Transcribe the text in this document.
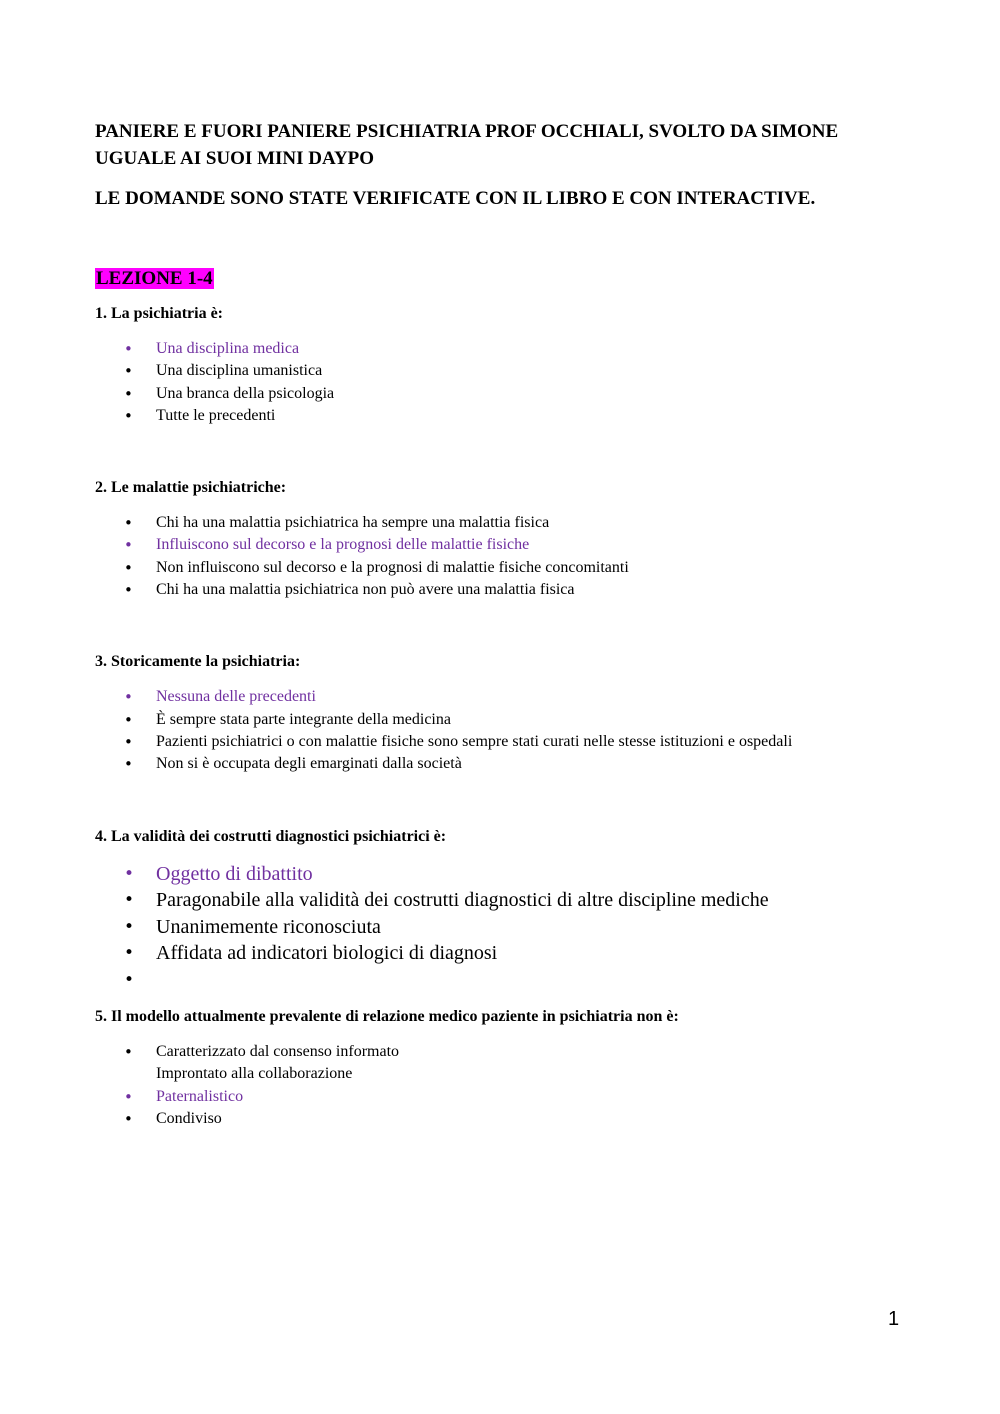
PANIERE E FUORI PANIERE PSICHIATRIA PROF OCCHIALI, SVOLTO DA SIMONE UGUALE AI SUOI MINI DAYPO

LE DOMANDE SONO STATE VERIFICATE CON IL LIBRO E CON INTERACTIVE.

LEZIONE 1-4

1. La psichiatria è:

• Una disciplina medica
• Una disciplina umanistica
• Una branca della psicologia
• Tutte le precedenti

2. Le malattie psichiatriche:

• Chi ha una malattia psichiatrica ha sempre una malattia fisica
• Influiscono sul decorso e la prognosi delle malattie fisiche
• Non influiscono sul decorso e la prognosi di malattie fisiche concomitanti
• Chi ha una malattia psichiatrica non può avere una malattia fisica

3. Storicamente la psichiatria:

• Nessuna delle precedenti
• È sempre stata parte integrante della medicina
• Pazienti psichiatrici o con malattie fisiche sono sempre stati curati nelle stesse istituzioni e ospedali
• Non si è occupata degli emarginati dalla società

4. La validità dei costrutti diagnostici psichiatrici è:

• Oggetto di dibattito
• Paragonabile alla validità dei costrutti diagnostici di altre discipline mediche
• Unanimemente riconosciuta
• Affidata ad indicatori biologici di diagnosi
•

5. Il modello attualmente prevalente di relazione medico paziente in psichiatria non è:

• Caratterizzato dal consenso informato
Improntato alla collaborazione
• Paternalistico
• Condiviso
1
